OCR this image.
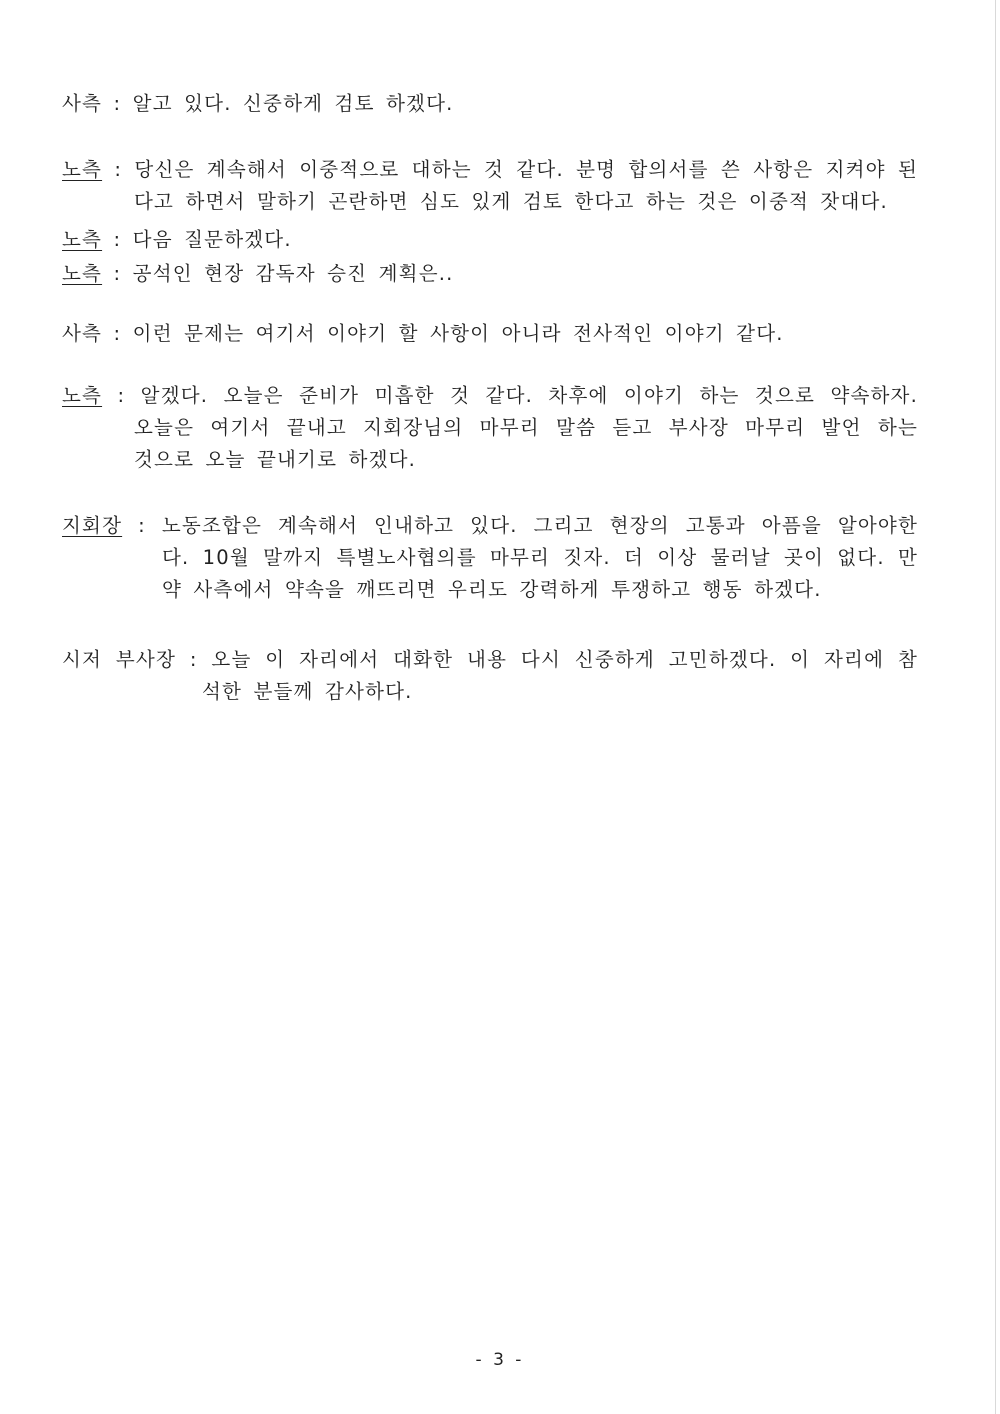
사측 : 알고 있다. 신중하게 검토 하겠다.
노측 : 당신은 계속해서 이중적으로 대하는 것 같다. 분명 합의서를 쓴 사항은 지켜야 된
다고 하면서 말하기 곤란하면 심도 있게 검토 한다고 하는 것은 이중적 잣대다.
노측 : 다음 질문하겠다.
노측 : 공석인 현장 감독자 승진 계획은..
사측 : 이런 문제는 여기서 이야기 할 사항이 아니라 전사적인 이야기 같다.
노측 : 알겠다. 오늘은 준비가 미흡한 것 같다. 차후에 이야기 하는 것으로 약속하자.
오늘은 여기서 끝내고 지회장님의 마무리 말씀 듣고 부사장 마무리 발언 하는
것으로 오늘 끝내기로 하겠다.
지회장 : 노동조합은 계속해서 인내하고 있다. 그리고 현장의 고통과 아픔을 알아야한
다. 10월 말까지 특별노사협의를 마무리 짓자. 더 이상 물러날 곳이 없다. 만
약 사측에서 약속을 깨뜨리면 우리도 강력하게 투쟁하고 행동 하겠다.
시저 부사장 : 오늘 이 자리에서 대화한 내용 다시 신중하게 고민하겠다. 이 자리에 참
석한 분들께 감사하다.
- 3 -
